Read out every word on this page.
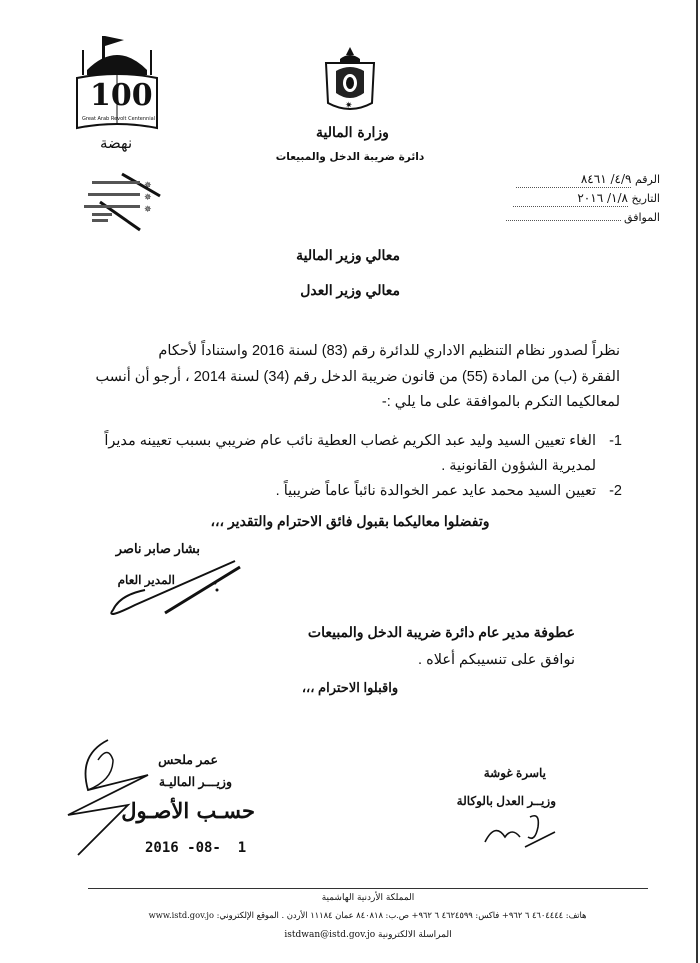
100
Great Arab Revolt Centennial
نهضة
✵
✵
✵
✷
وزارة المالية
دائرة ضريبة الدخل والمبيعات
الرقم ٤/٩/ ٨٤٦١
التاريخ ١/٨/ ٢٠١٦
الموافق
معالي وزير المالية
معالي وزير العدل
نظراً لصدور نظام التنظيم الاداري للدائرة رقم (83) لسنة 2016 واستناداً لأحكام
الفقرة (ب) من المادة (55) من قانون ضريبة الدخل رقم (34) لسنة 2014 ، أرجو أن أنسب
لمعالكيما التكرم بالموافقة على ما يلي :-
1-
الغاء تعيين السيد وليد عبد الكريم غصاب العطية نائب عام ضريبي بسبب تعيينه مديراً
لمديرية الشؤون القانونية .
2-
تعيين السيد محمد عايد عمر الخوالدة نائباً عاماً ضريبياً .
وتفضلوا معاليكما بقبول فائق الاحترام والتقدير ،،،
بشار صابر ناصر
المدير العام
عطوفة مدير عام دائرة ضريبة الدخل والمبيعات
نوافق على تنسيبكم أعلاه .
واقبلوا الاحترام ،،،
عمر ملحس
وزيـــر الماليـة
حسـب الأصـول
2016 -08-  1
ياسرة غوشة
وزيــر العدل بالوكالة
المملكة الأردنية الهاشمية
هاتف: ٤٦٠٤٤٤٤ ٦ ٩٦٢+ فاكس: ٤٦٢٤٥٩٩ ٦ ٩٦٢+ ص.ب: ٨٤٠٨١٨ عمان ١١١٨٤ الأردن . الموقع الإلكتروني: www.istd.gov.jo
المراسلة الالكترونية istdwan@istd.gov.jo
